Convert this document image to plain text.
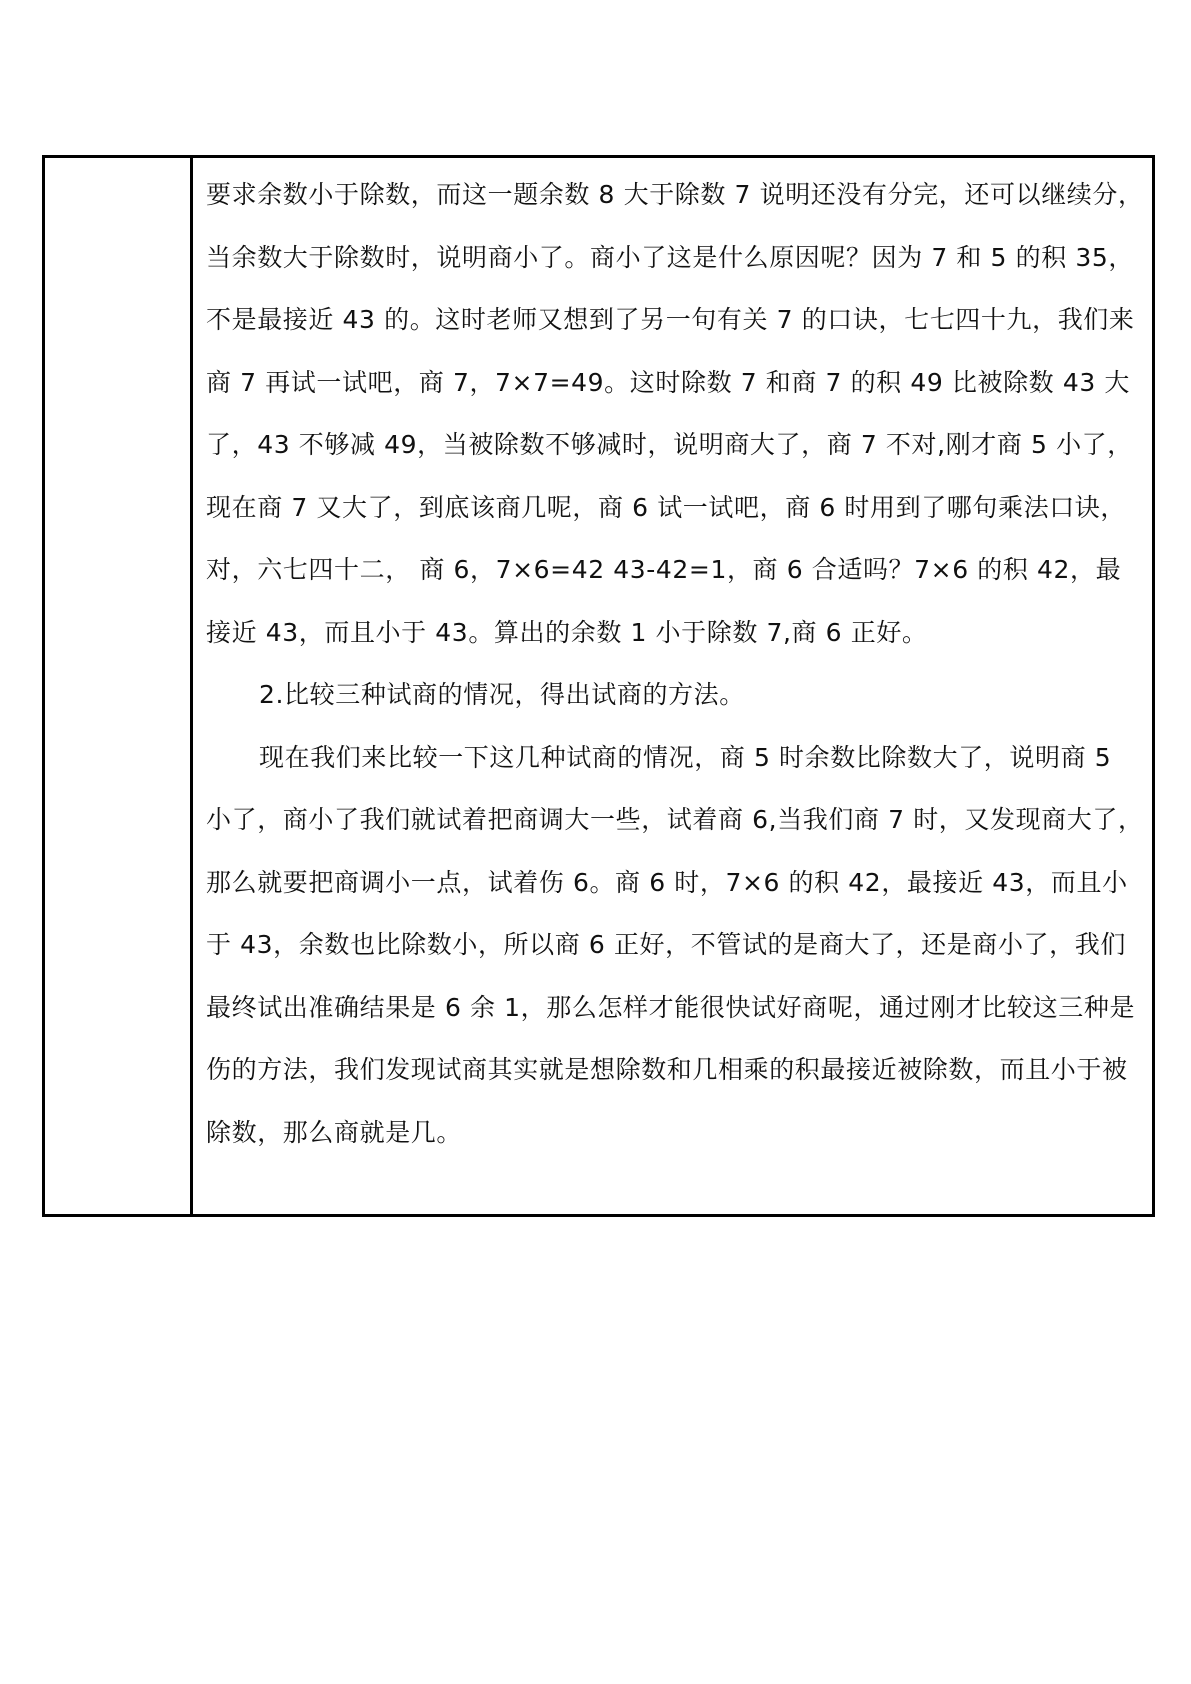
要求余数小于除数，而这一题余数 8 大于除数 7 说明还没有分完，还可以继续分，当余数大于除数时，说明商小了。商小了这是什么原因呢？因为 7 和 5 的积 35，不是最接近 43 的。这时老师又想到了另一句有关 7 的口诀，七七四十九，我们来商 7 再试一试吧，商 7，7×7=49。这时除数 7 和商 7 的积 49 比被除数 43 大了，43 不够减 49，当被除数不够减时，说明商大了，商 7 不对,刚才商 5 小了，现在商 7 又大了，到底该商几呢，商 6 试一试吧，商 6 时用到了哪句乘法口诀，对，六七四十二， 商 6，7×6=42 43-42=1，商 6 合适吗？7×6 的积 42，最接近 43，而且小于 43。算出的余数 1 小于除数 7,商 6 正好。

2.比较三种试商的情况，得出试商的方法。

现在我们来比较一下这几种试商的情况，商 5 时余数比除数大了，说明商 5 小了，商小了我们就试着把商调大一些，试着商 6,当我们商 7 时，又发现商大了，那么就要把商调小一点，试着伤 6。商 6 时，7×6 的积 42，最接近 43，而且小于 43，余数也比除数小，所以商 6 正好，不管试的是商大了，还是商小了，我们最终试出准确结果是 6 余 1，那么怎样才能很快试好商呢，通过刚才比较这三种是伤的方法，我们发现试商其实就是想除数和几相乘的积最接近被除数，而且小于被除数，那么商就是几。
